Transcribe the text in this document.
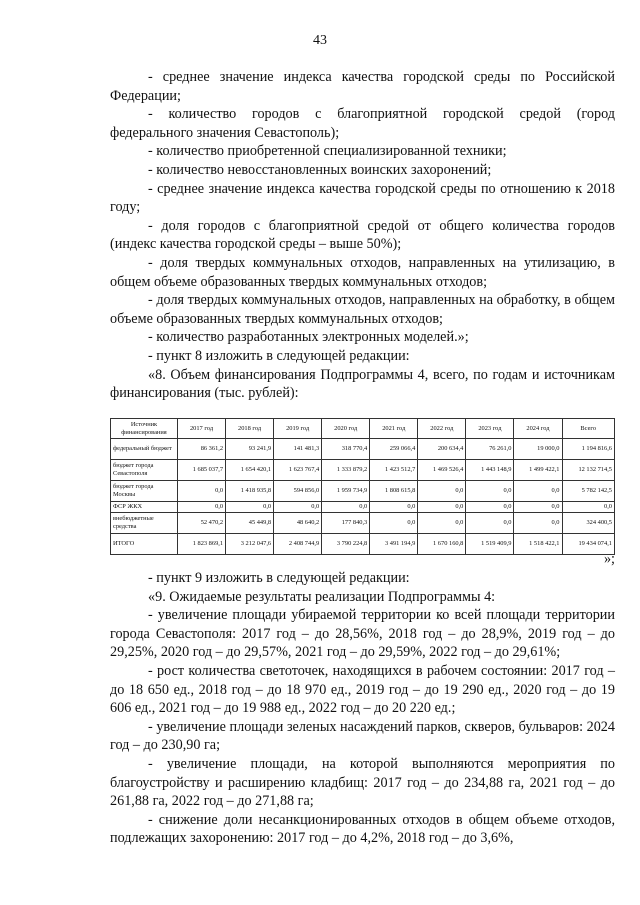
43

- среднее значение индекса качества городской среды по Российской Федерации;

- количество городов с благоприятной городской средой (город федерального значения Севастополь);

- количество приобретенной специализированной техники;

- количество невосстановленных воинских захоронений;

- среднее значение индекса качества городской среды по отношению к 2018 году;

- доля городов с благоприятной средой от общего количества городов (индекс качества городской среды – выше 50%);

- доля твердых коммунальных отходов, направленных на утилизацию, в общем объеме образованных твердых коммунальных отходов;

- доля твердых коммунальных отходов, направленных на обработку, в общем объеме образованных твердых коммунальных отходов;

- количество разработанных электронных моделей.»;

- пункт 8 изложить в следующей редакции:

«8. Объем финансирования Подпрограммы 4, всего, по годам и источникам финансирования (тыс. рублей):

Источник финансирования	2017 год	2018 год	2019 год	2020 год	2021 год	2022 год	2023 год	2024 год	Всего
федеральный бюджет	86 361,2	93 241,9	141 481,3	318 770,4	259 066,4	200 634,4	76 261,0	19 000,0	1 194 816,6
бюджет города Севастополя	1 685 037,7	1 654 420,1	1 623 767,4	1 333 879,2	1 423 512,7	1 469 526,4	1 443 148,9	1 499 422,1	12 132 714,5
бюджет города Москвы	0,0	1 418 935,8	594 856,0	1 959 734,9	1 808 615,8	0,0	0,0	0,0	5 782 142,5
ФСР ЖКХ	0,0	0,0	0,0	0,0	0,0	0,0	0,0	0,0	0,0
внебюджетные средства	52 470,2	45 449,8	48 640,2	177 840,3	0,0	0,0	0,0	0,0	324 400,5
ИТОГО	1 823 869,1	3 212 047,6	2 408 744,9	3 790 224,8	3 491 194,9	1 670 160,8	1 519 409,9	1 518 422,1	19 434 074,1
»;

- пункт 9 изложить в следующей редакции:

«9. Ожидаемые результаты реализации Подпрограммы 4:

- увеличение площади убираемой территории ко всей площади территории города Севастополя: 2017 год – до 28,56%, 2018 год – до 28,9%, 2019 год – до 29,25%, 2020 год – до 29,57%, 2021 год – до 29,59%, 2022 год – до 29,61%;

- рост количества светоточек, находящихся в рабочем состоянии: 2017 год – до 18 650 ед., 2018 год – до 18 970 ед., 2019 год – до 19 290 ед., 2020 год – до 19 606 ед., 2021 год – до 19 988 ед., 2022 год – до 20 220 ед.;

- увеличение площади зеленых насаждений парков, скверов, бульваров: 2024 год – до 230,90 га;

- увеличение площади, на которой выполняются мероприятия по благоустройству и расширению кладбищ: 2017 год – до 234,88 га, 2021 год – до 261,88 га, 2022 год – до 271,88 га;

- снижение доли несанкционированных отходов в общем объеме отходов, подлежащих захоронению: 2017 год – до 4,2%, 2018 год – до 3,6%,
